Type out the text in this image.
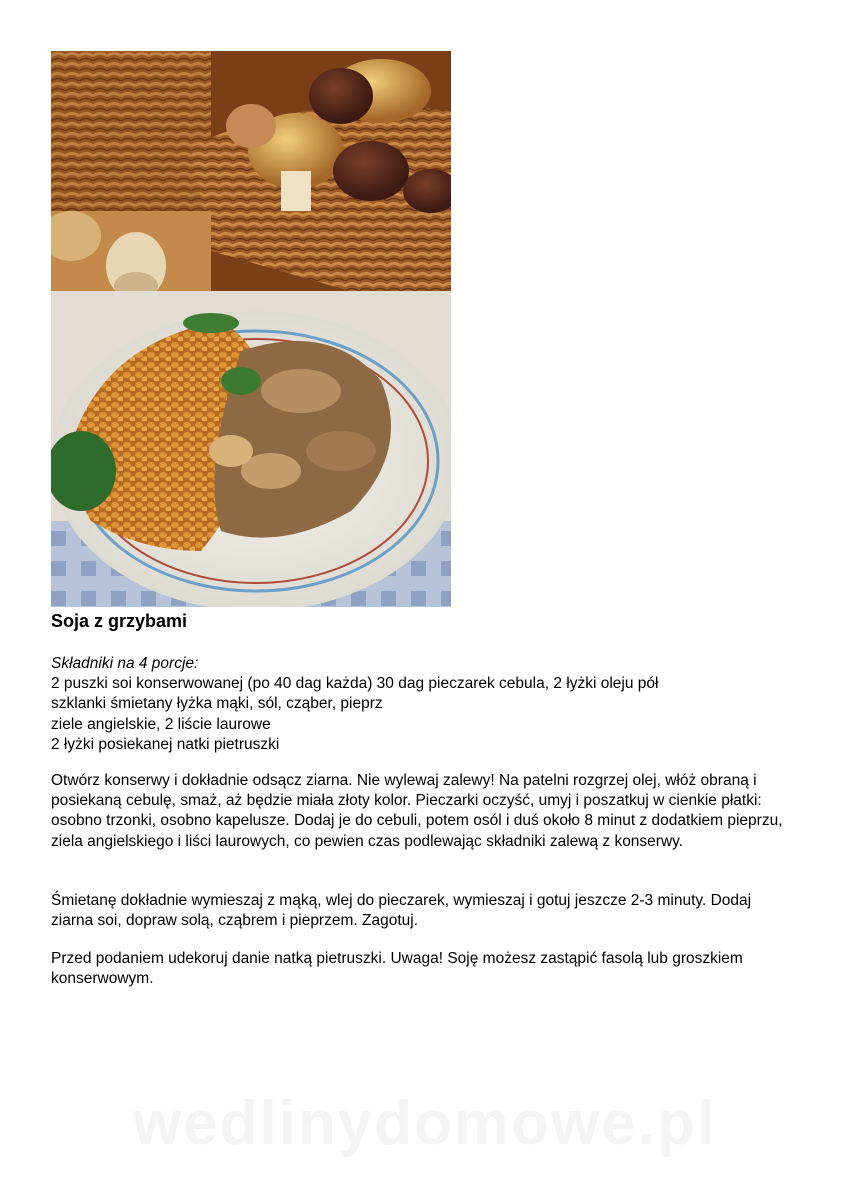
Soja z grzybami
Składniki na 4 porcje:
2 puszki soi konserwowanej (po 40 dag każda) 30 dag pieczarek cebula, 2 łyżki oleju pół
szklanki śmietany łyżka mąki, sól, cząber, pieprz
ziele angielskie, 2 liście laurowe
2 łyżki posiekanej natki pietruszki
Otwórz konserwy i dokładnie odsącz ziarna. Nie wylewaj zalewy! Na patelni rozgrzej olej, włóż obraną i posiekaną cebulę, smaż, aż będzie miała złoty kolor. Pieczarki oczyść, umyj i poszatkuj w cienkie płatki: osobno trzonki, osobno kapelusze. Dodaj je do cebuli, potem osól i duś około 8 minut z dodatkiem pieprzu, ziela angielskiego i liści laurowych, co pewien czas podlewając składniki zalewą z konserwy.
Śmietanę dokładnie wymieszaj z mąką, wlej do pieczarek, wymieszaj i gotuj jeszcze 2-3 minuty. Dodaj ziarna soi, dopraw solą, cząbrem i pieprzem. Zagotuj.
Przed podaniem udekoruj danie natką pietruszki. Uwaga! Soję możesz zastąpić fasolą lub groszkiem konserwowym.
wedlinydomowe.pl
